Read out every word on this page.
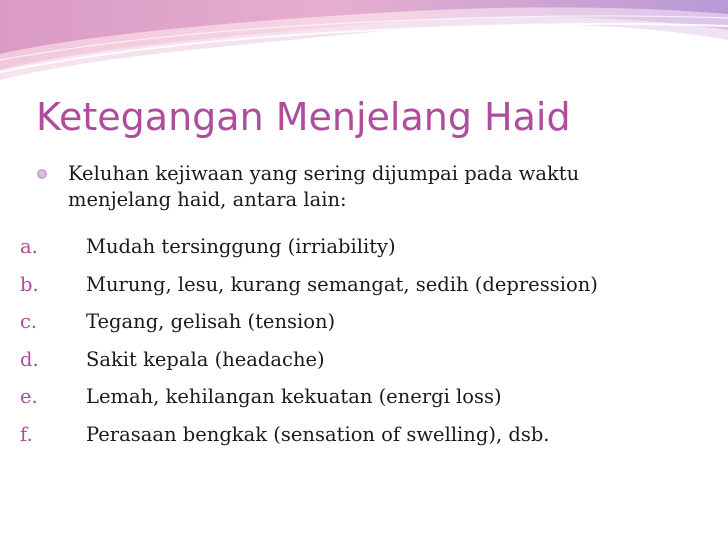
Ketegangan Menjelang Haid
Keluhan kejiwaan yang sering dijumpai pada waktu menjelang haid, antara lain:
a.	Mudah tersinggung (irriability)
b.	Murung, lesu, kurang semangat, sedih (depression)
c.	Tegang, gelisah (tension)
d.	Sakit kepala (headache)
e.	Lemah, kehilangan kekuatan (energi loss)
f.	Perasaan bengkak (sensation of swelling), dsb.
